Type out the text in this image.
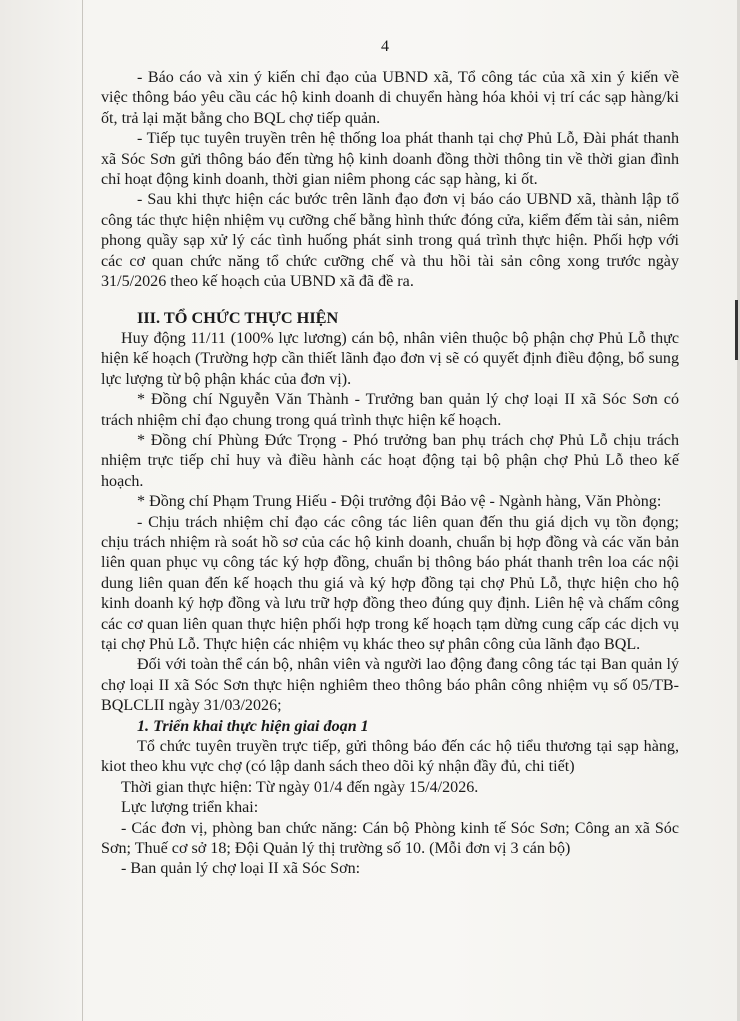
4

- Báo cáo và xin ý kiến chỉ đạo của UBND xã, Tổ công tác của xã xin ý kiến về việc thông báo yêu cầu các hộ kinh doanh di chuyển hàng hóa khỏi vị trí các sạp hàng/ki ốt, trả lại mặt bằng cho BQL chợ tiếp quản.

- Tiếp tục tuyên truyền trên hệ thống loa phát thanh tại chợ Phủ Lỗ, Đài phát thanh xã Sóc Sơn gửi thông báo đến từng hộ kinh doanh đồng thời thông tin về thời gian đình chỉ hoạt động kinh doanh, thời gian niêm phong các sạp hàng, ki ốt.

- Sau khi thực hiện các bước trên lãnh đạo đơn vị báo cáo UBND xã, thành lập tổ công tác thực hiện nhiệm vụ cưỡng chế bằng hình thức đóng cửa, kiểm đếm tài sản, niêm phong quầy sạp xử lý các tình huống phát sinh trong quá trình thực hiện. Phối hợp với các cơ quan chức năng tổ chức cưỡng chế và thu hồi tài sản công xong trước ngày 31/5/2026 theo kế hoạch của UBND xã đã đề ra.

III. TỔ CHỨC THỰC HIỆN

Huy động 11/11 (100% lực lương) cán bộ, nhân viên thuộc bộ phận chợ Phủ Lỗ thực hiện kế hoạch (Trường hợp cần thiết lãnh đạo đơn vị sẽ có quyết định điều động, bổ sung lực lượng từ bộ phận khác của đơn vị).

* Đồng chí Nguyễn Văn Thành - Trưởng ban quản lý chợ loại II xã Sóc Sơn có trách nhiệm chỉ đạo chung trong quá trình thực hiện kế hoạch.

* Đồng chí Phùng Đức Trọng - Phó trưởng ban phụ trách chợ Phủ Lỗ chịu trách nhiệm trực tiếp chỉ huy và điều hành các hoạt động tại bộ phận chợ Phủ Lỗ theo kế hoạch.

* Đồng chí Phạm Trung Hiếu - Đội trưởng đội Bảo vệ - Ngành hàng, Văn Phòng:

- Chịu trách nhiệm chỉ đạo các công tác liên quan đến thu giá dịch vụ tồn đọng; chịu trách nhiệm rà soát hồ sơ của các hộ kinh doanh, chuẩn bị hợp đồng và các văn bản liên quan phục vụ công tác ký hợp đồng, chuẩn bị thông báo phát thanh trên loa các nội dung liên quan đến kế hoạch thu giá và ký hợp đồng tại chợ Phủ Lỗ, thực hiện cho hộ kinh doanh ký hợp đồng và lưu trữ hợp đồng theo đúng quy định. Liên hệ và chấm công các cơ quan liên quan thực hiện phối hợp trong kế hoạch tạm dừng cung cấp các dịch vụ tại chợ Phủ Lỗ. Thực hiện các nhiệm vụ khác theo sự phân công của lãnh đạo BQL.

Đối với toàn thể cán bộ, nhân viên và người lao động đang công tác tại Ban quản lý chợ loại II xã Sóc Sơn thực hiện nghiêm theo thông báo phân công nhiệm vụ số 05/TB-BQLCLII ngày 31/03/2026;

1. Triển khai thực hiện giai đoạn 1

Tổ chức tuyên truyền trực tiếp, gửi thông báo đến các hộ tiểu thương tại sạp hàng, kiot theo khu vực chợ (có lập danh sách theo dõi ký nhận đầy đủ, chi tiết)

Thời gian thực hiện: Từ ngày 01/4 đến ngày 15/4/2026.

Lực lượng triển khai:

- Các đơn vị, phòng ban chức năng: Cán bộ Phòng kinh tế Sóc Sơn; Công an xã Sóc Sơn; Thuế cơ sở 18; Đội Quản lý thị trường số 10. (Mỗi đơn vị 3 cán bộ)

- Ban quản lý chợ loại II xã Sóc Sơn:
